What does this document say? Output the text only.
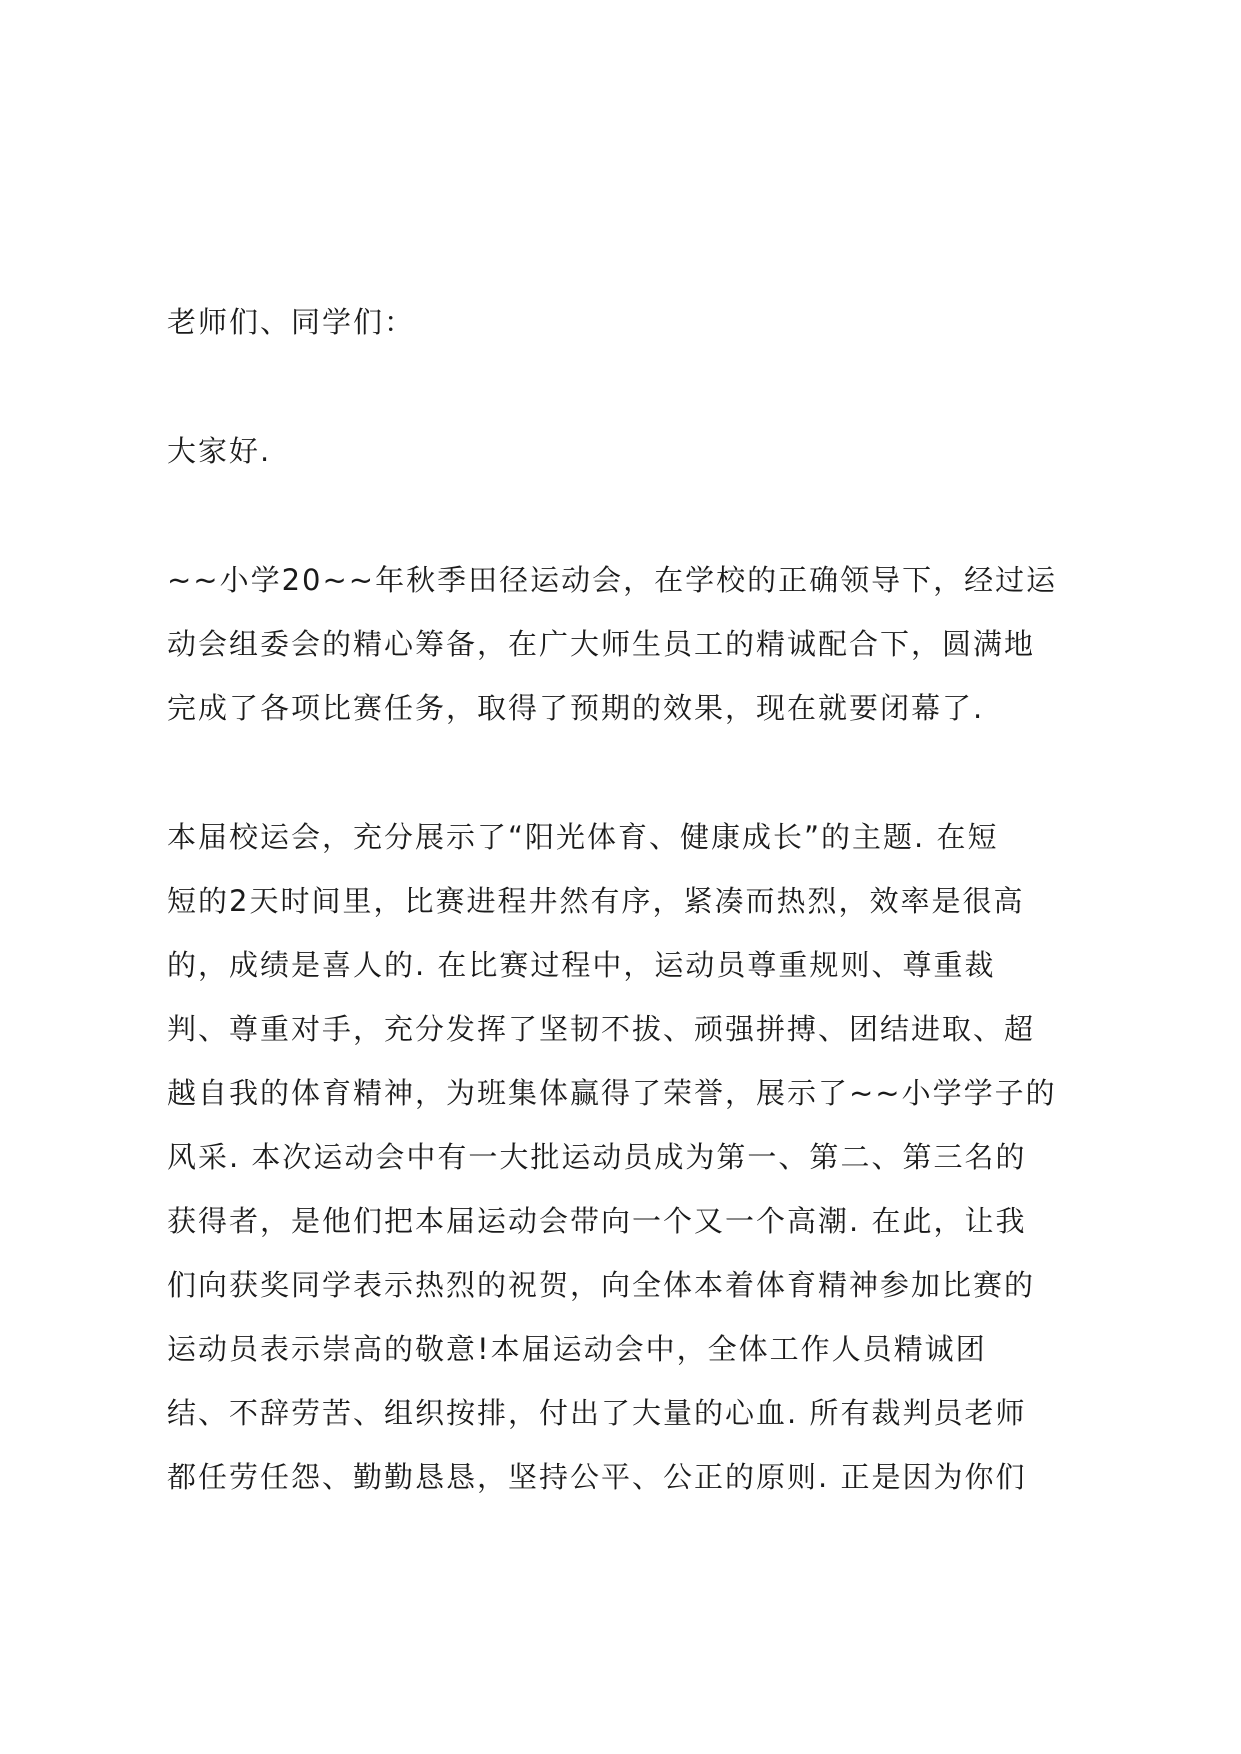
老师们、同学们：
大家好.
~~小学20~~年秋季田径运动会，在学校的正确领导下，经过运
动会组委会的精心筹备，在广大师生员工的精诚配合下，圆满地
完成了各项比赛任务，取得了预期的效果，现在就要闭幕了.
本届校运会，充分展示了“阳光体育、健康成长”的主题. 在短
短的2天时间里，比赛进程井然有序，紧凑而热烈，效率是很高
的，成绩是喜人的. 在比赛过程中，运动员尊重规则、尊重裁
判、尊重对手，充分发挥了坚韧不拔、顽强拼搏、团结进取、超
越自我的体育精神，为班集体赢得了荣誉，展示了~~小学学子的
风采. 本次运动会中有一大批运动员成为第一、第二、第三名的
获得者，是他们把本届运动会带向一个又一个高潮. 在此，让我
们向获奖同学表示热烈的祝贺，向全体本着体育精神参加比赛的
运动员表示崇高的敬意!本届运动会中，全体工作人员精诚团
结、不辞劳苦、组织按排，付出了大量的心血. 所有裁判员老师
都任劳任怨、勤勤恳恳，坚持公平、公正的原则. 正是因为你们
